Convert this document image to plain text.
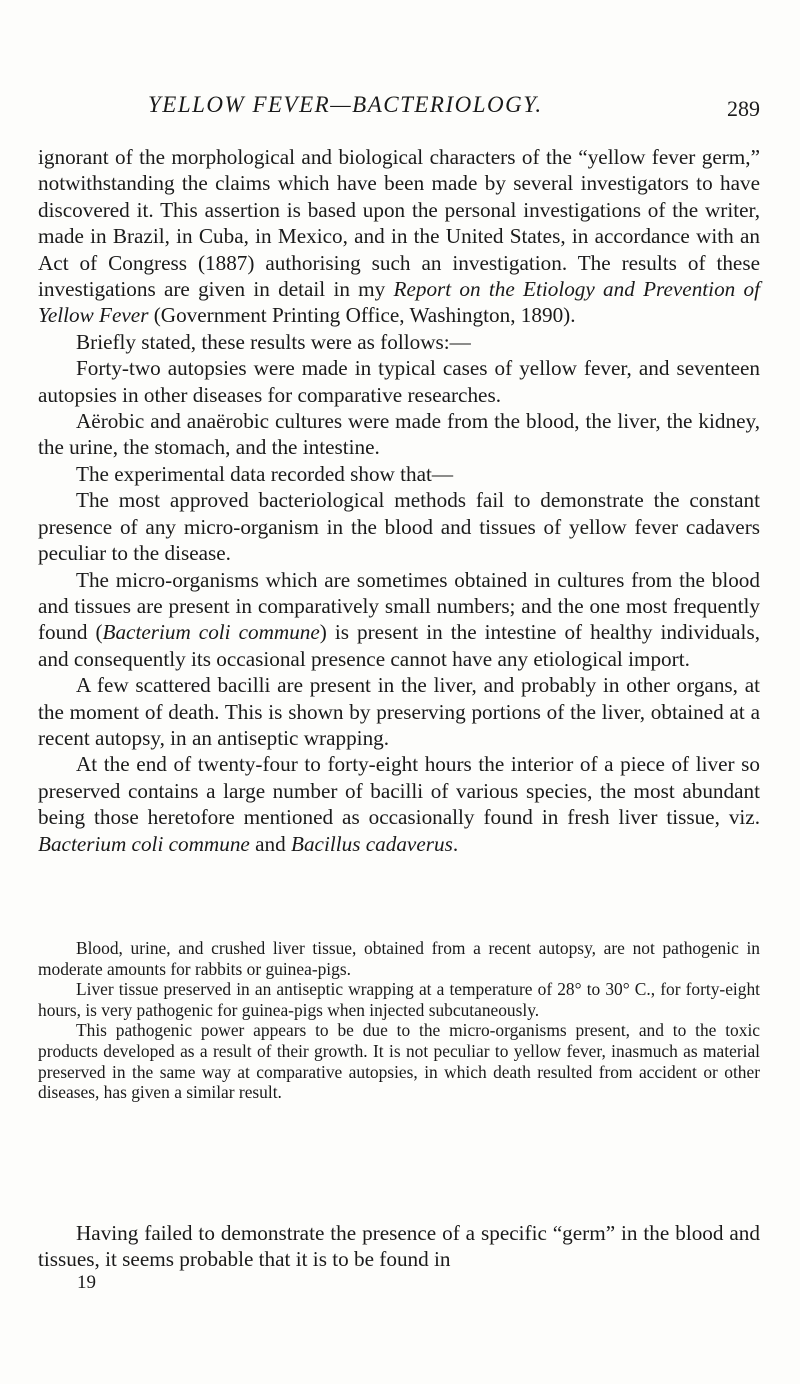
YELLOW FEVER—BACTERIOLOGY.	289

ignorant of the morphological and biological characters of the “yellow fever germ,” notwithstanding the claims which have been made by several investigators to have discovered it. This assertion is based upon the personal investigations of the writer, made in Brazil, in Cuba, in Mexico, and in the United States, in accordance with an Act of Congress (1887) authorising such an investigation. The results of these investigations are given in detail in my Report on the Etiology and Prevention of Yellow Fever (Government Printing Office, Washington, 1890).

Briefly stated, these results were as follows:—

Forty-two autopsies were made in typical cases of yellow fever, and seventeen autopsies in other diseases for comparative researches.

Aërobic and anaërobic cultures were made from the blood, the liver, the kidney, the urine, the stomach, and the intestine.

The experimental data recorded show that—

The most approved bacteriological methods fail to demonstrate the constant presence of any micro-organism in the blood and tissues of yellow fever cadavers peculiar to the disease.

The micro-organisms which are sometimes obtained in cultures from the blood and tissues are present in comparatively small numbers; and the one most frequently found (Bacterium coli commune) is present in the intestine of healthy individuals, and consequently its occasional presence cannot have any etiological import.

A few scattered bacilli are present in the liver, and probably in other organs, at the moment of death. This is shown by preserving portions of the liver, obtained at a recent autopsy, in an antiseptic wrapping.

At the end of twenty-four to forty-eight hours the interior of a piece of liver so preserved contains a large number of bacilli of various species, the most abundant being those heretofore mentioned as occasionally found in fresh liver tissue, viz. Bacterium coli commune and Bacillus cadaverus.

Blood, urine, and crushed liver tissue, obtained from a recent autopsy, are not pathogenic in moderate amounts for rabbits or guinea-pigs.

Liver tissue preserved in an antiseptic wrapping at a temperature of 28° to 30° C., for forty-eight hours, is very pathogenic for guinea-pigs when injected subcutaneously.

This pathogenic power appears to be due to the micro-organisms present, and to the toxic products developed as a result of their growth. It is not peculiar to yellow fever, inasmuch as material preserved in the same way at comparative autopsies, in which death resulted from accident or other diseases, has given a similar result.

Having failed to demonstrate the presence of a specific “germ” in the blood and tissues, it seems probable that it is to be found in

19
